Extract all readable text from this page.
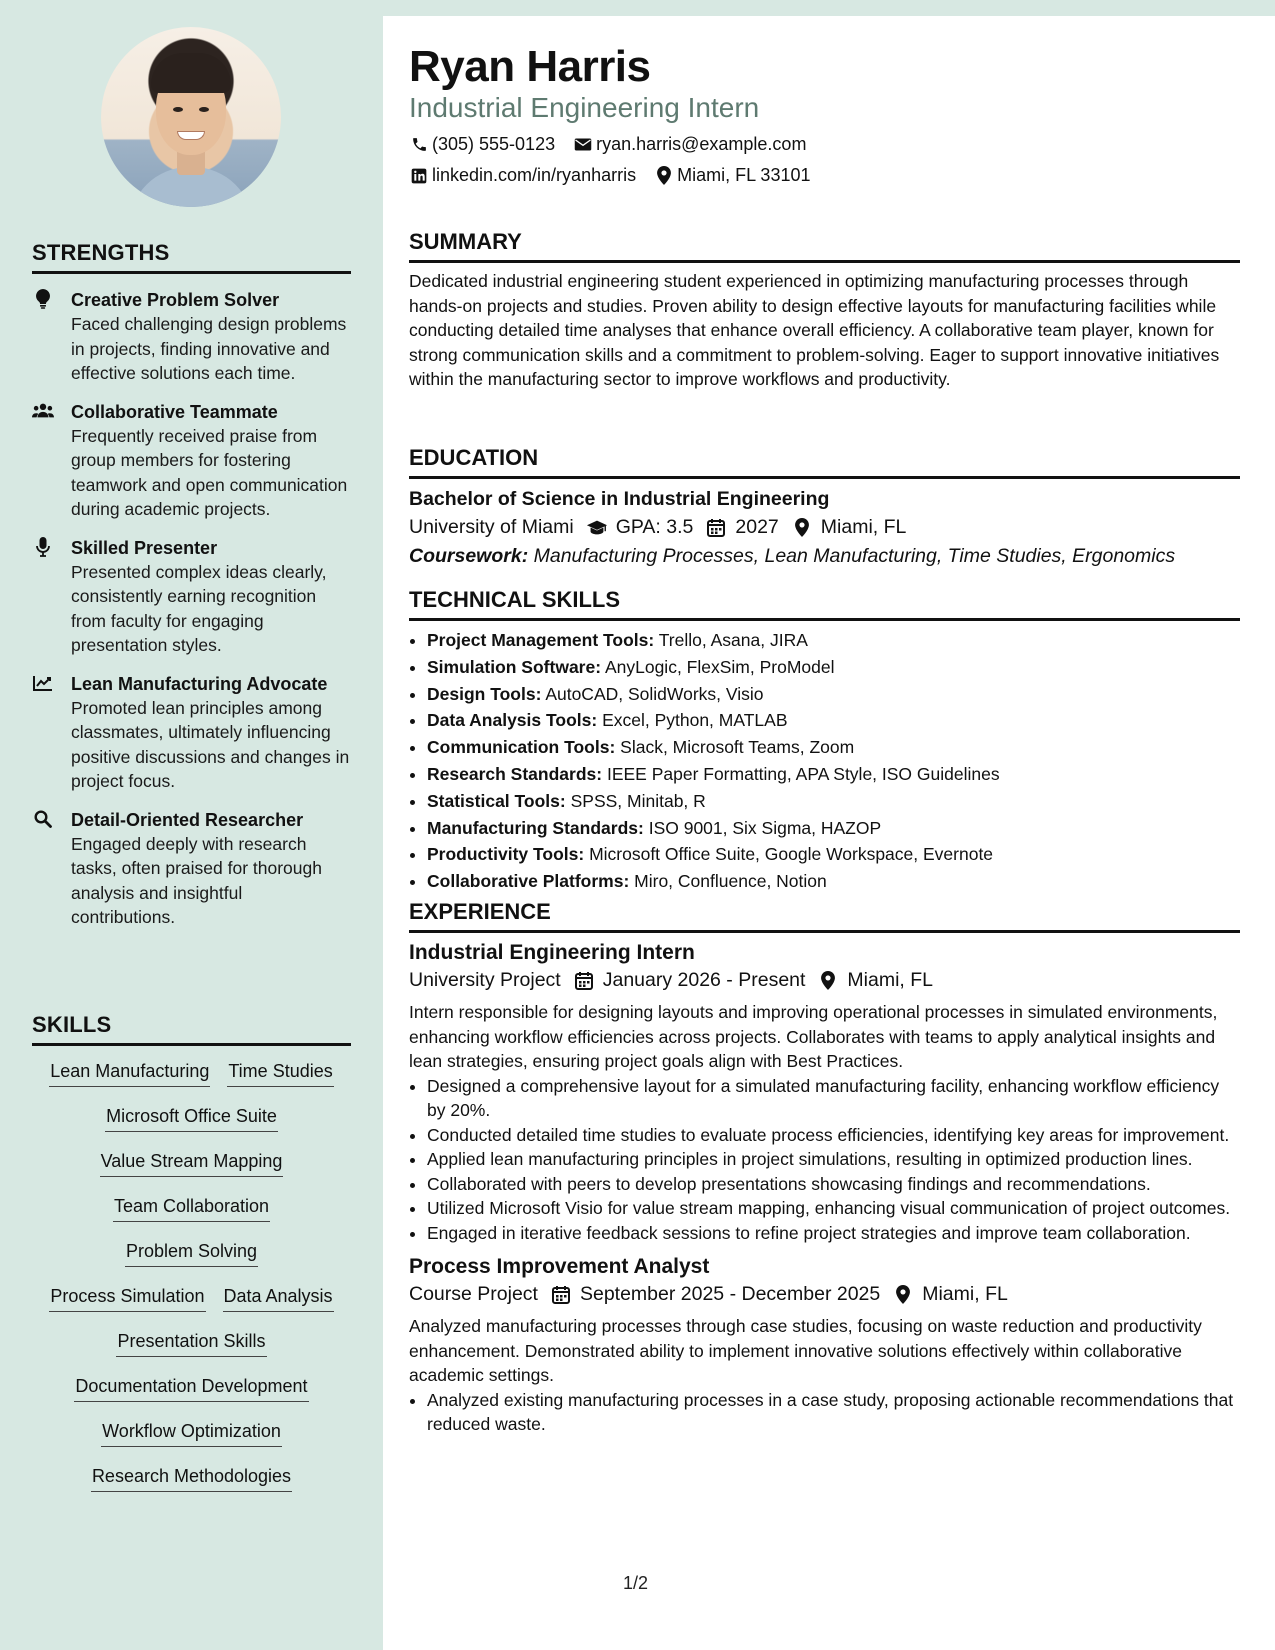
STRENGTHS
Creative Problem Solver
Faced challenging design problems in projects, finding innovative and effective solutions each time.
Collaborative Teammate
Frequently received praise from group members for fostering teamwork and open communication during academic projects.
Skilled Presenter
Presented complex ideas clearly, consistently earning recognition from faculty for engaging presentation styles.
Lean Manufacturing Advocate
Promoted lean principles among classmates, ultimately influencing positive discussions and changes in project focus.
Detail-Oriented Researcher
Engaged deeply with research tasks, often praised for thorough analysis and insightful contributions.
SKILLS
Lean Manufacturing Time Studies
Microsoft Office Suite
Value Stream Mapping
Team Collaboration
Problem Solving
Process Simulation Data Analysis
Presentation Skills
Documentation Development
Workflow Optimization
Research Methodologies
Ryan Harris
Industrial Engineering Intern
(305) 555-0123 ryan.harris@example.com
linkedin.com/in/ryanharris Miami, FL 33101
SUMMARY
Dedicated industrial engineering student experienced in optimizing manufacturing processes through hands-on projects and studies. Proven ability to design effective layouts for manufacturing facilities while conducting detailed time analyses that enhance overall efficiency. A collaborative team player, known for strong communication skills and a commitment to problem-solving. Eager to support innovative initiatives within the manufacturing sector to improve workflows and productivity.
EDUCATION
Bachelor of Science in Industrial Engineering
University of Miami GPA: 3.5 2027 Miami, FL
Coursework: Manufacturing Processes, Lean Manufacturing, Time Studies, Ergonomics
TECHNICAL SKILLS
• Project Management Tools: Trello, Asana, JIRA
• Simulation Software: AnyLogic, FlexSim, ProModel
• Design Tools: AutoCAD, SolidWorks, Visio
• Data Analysis Tools: Excel, Python, MATLAB
• Communication Tools: Slack, Microsoft Teams, Zoom
• Research Standards: IEEE Paper Formatting, APA Style, ISO Guidelines
• Statistical Tools: SPSS, Minitab, R
• Manufacturing Standards: ISO 9001, Six Sigma, HAZOP
• Productivity Tools: Microsoft Office Suite, Google Workspace, Evernote
• Collaborative Platforms: Miro, Confluence, Notion
EXPERIENCE
Industrial Engineering Intern
University Project January 2026 - Present Miami, FL
Intern responsible for designing layouts and improving operational processes in simulated environments, enhancing workflow efficiencies across projects. Collaborates with teams to apply analytical insights and lean strategies, ensuring project goals align with Best Practices.
• Designed a comprehensive layout for a simulated manufacturing facility, enhancing workflow efficiency by 20%.
• Conducted detailed time studies to evaluate process efficiencies, identifying key areas for improvement.
• Applied lean manufacturing principles in project simulations, resulting in optimized production lines.
• Collaborated with peers to develop presentations showcasing findings and recommendations.
• Utilized Microsoft Visio for value stream mapping, enhancing visual communication of project outcomes.
• Engaged in iterative feedback sessions to refine project strategies and improve team collaboration.
Process Improvement Analyst
Course Project September 2025 - December 2025 Miami, FL
Analyzed manufacturing processes through case studies, focusing on waste reduction and productivity enhancement. Demonstrated ability to implement innovative solutions effectively within collaborative academic settings.
• Analyzed existing manufacturing processes in a case study, proposing actionable recommendations that reduced waste.
1/2
